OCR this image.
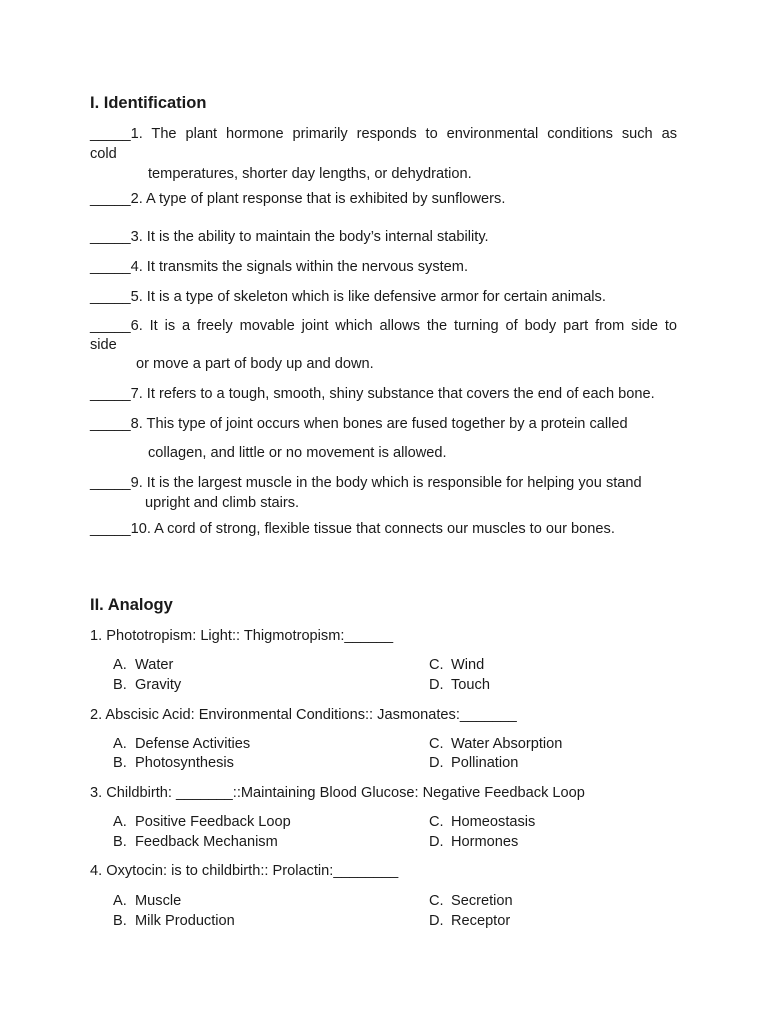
I. Identification
_____1. The plant hormone primarily responds to environmental conditions such as
cold
temperatures, shorter day lengths, or dehydration.
_____2. A type of plant response that is exhibited by sunflowers.
_____3. It is the ability to maintain the body’s internal stability.
_____4. It transmits the signals within the nervous system.
_____5. It is a type of skeleton which is like defensive armor for certain animals.
_____6. It is a freely movable joint which allows the turning of body part from side to
side
or move a part of body up and down.
_____7. It refers to a tough, smooth, shiny substance that covers the end of each bone.
_____8. This type of joint occurs when bones are fused together by a protein called
collagen, and little or no movement is allowed.
_____9. It is the largest muscle in the body which is responsible for helping you stand
upright and climb stairs.
_____10. A cord of strong, flexible tissue that connects our muscles to our bones.
II. Analogy
1. Phototropism: Light:: Thigmotropism:______
A. Water
B. Gravity
C. Wind
D. Touch
2. Abscisic Acid: Environmental Conditions:: Jasmonates:_______
A. Defense Activities
B. Photosynthesis
C. Water Absorption
D. Pollination
3. Childbirth: _______::Maintaining Blood Glucose: Negative Feedback Loop
A. Positive Feedback Loop
B. Feedback Mechanism
C. Homeostasis
D. Hormones
4. Oxytocin: is to childbirth:: Prolactin:________
A. Muscle
B. Milk Production
C. Secretion
D. Receptor
